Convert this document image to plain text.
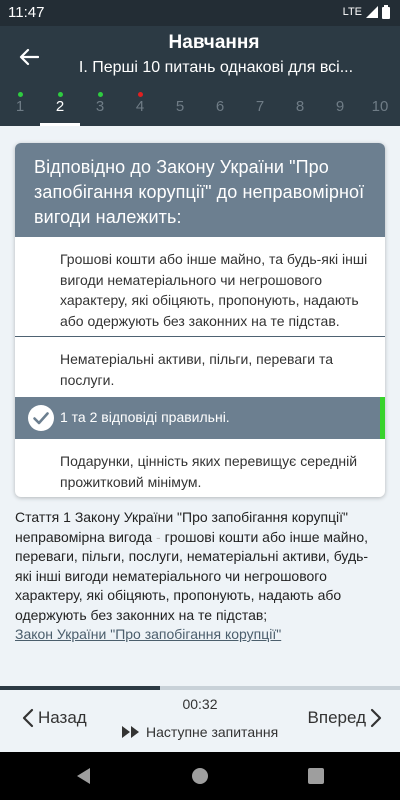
11:47	LTE
Навчання
І. Перші 10 питань однакові для всі...
1	2	3	4	5	6	7	8	9	10
Відповідно до Закону України "Про запобігання корупції" до неправомірної вигоди належить:
Грошові кошти або інше майно, та будь-які інші вигоди нематеріального чи негрошового характеру, які обіцяють, пропонують, надають або одержують без законних на те підстав.
Нематеріальні активи, пільги, переваги та послуги.
1 та 2 відповіді правильні.
Подарунки, цінність яких перевищує середній прожитковий мінімум.
Стаття 1 Закону України "Про запобігання корупції" неправомірна вигода - грошові кошти або інше майно, переваги, пільги, послуги, нематеріальні активи, будь-які інші вигоди нематеріального чи негрошового характеру, які обіцяють, пропонують, надають або одержують без законних на те підстав;
Закон України "Про запобігання корупції"
Назад
00:32
Наступне запитання
Вперед
